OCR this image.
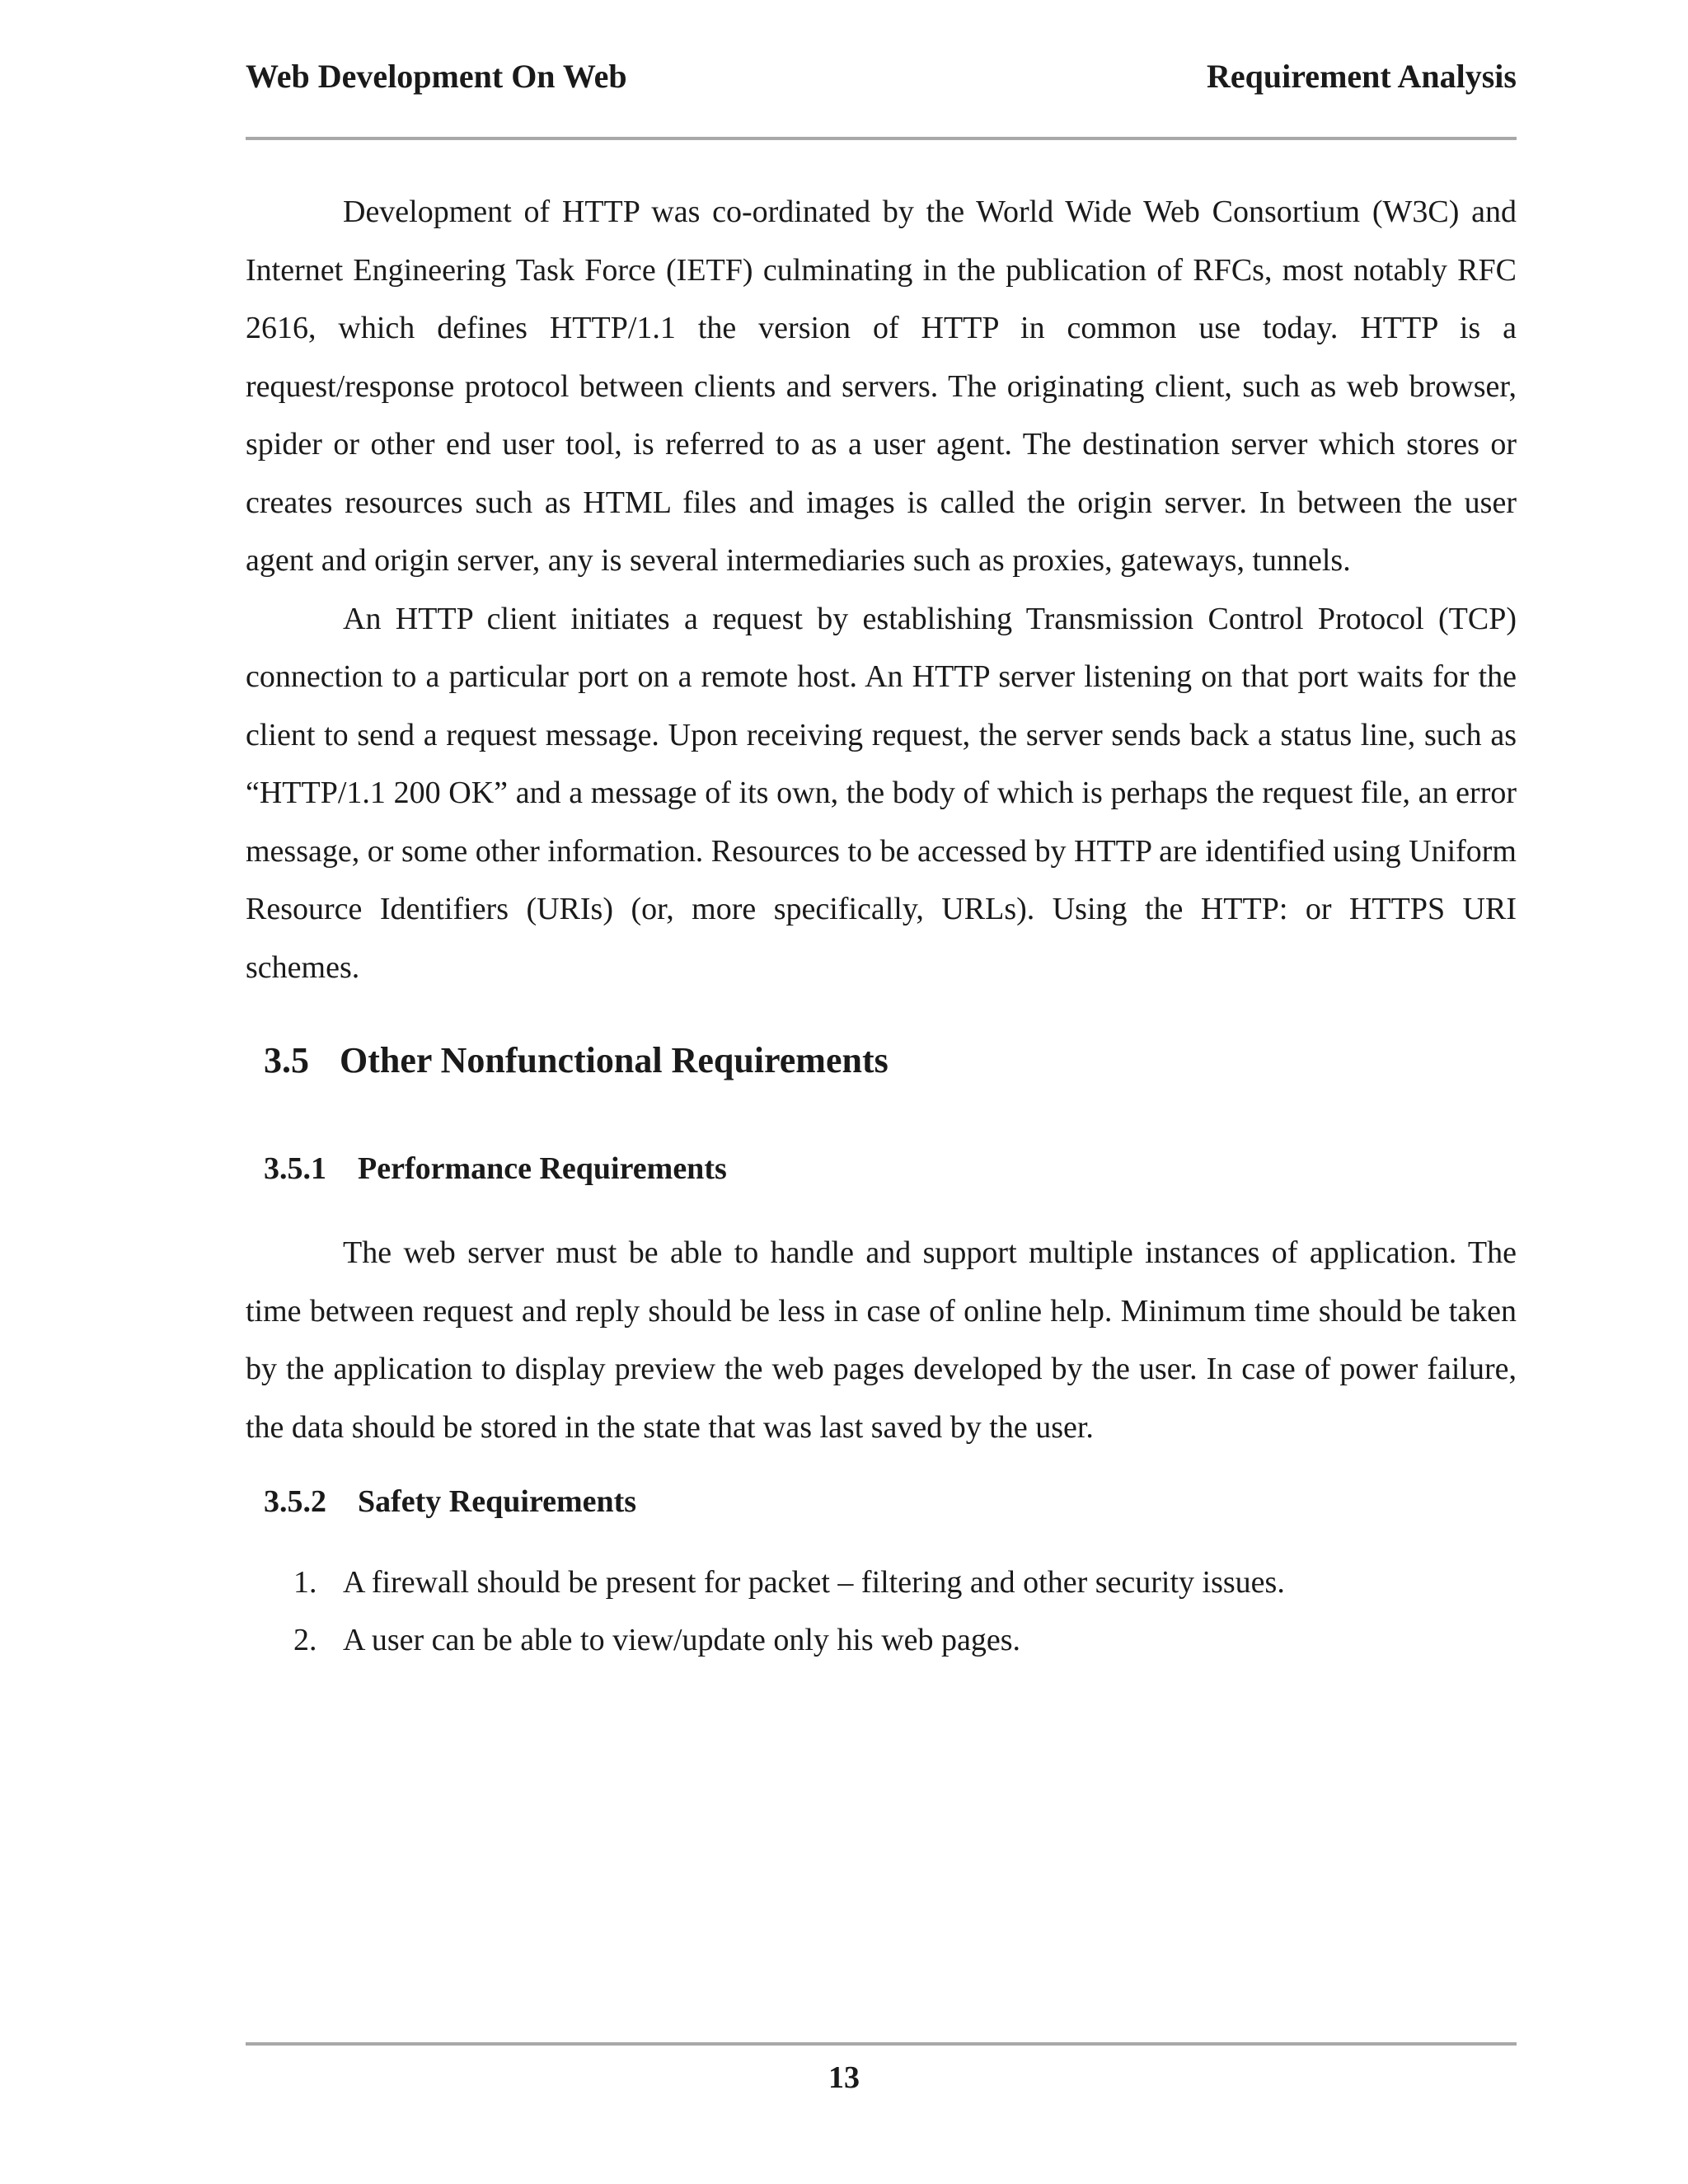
Web Development On Web	Requirement Analysis

Development of HTTP was co-ordinated by the World Wide Web Consortium (W3C) and Internet Engineering Task Force (IETF) culminating in the publication of RFCs, most notably RFC 2616, which defines HTTP/1.1 the version of HTTP in common use today. HTTP is a request/response protocol between clients and servers. The originating client, such as web browser, spider or other end user tool, is referred to as a user agent. The destination server which stores or creates resources such as HTML files and images is called the origin server. In between the user agent and origin server, any is several intermediaries such as proxies, gateways, tunnels.

An HTTP client initiates a request by establishing Transmission Control Protocol (TCP) connection to a particular port on a remote host. An HTTP server listening on that port waits for the client to send a request message. Upon receiving request, the server sends back a status line, such as “HTTP/1.1 200 OK” and a message of its own, the body of which is perhaps the request file, an error message, or some other information. Resources to be accessed by HTTP are identified using Uniform Resource Identifiers (URIs) (or, more specifically, URLs). Using the HTTP: or HTTPS URI schemes.

3.5 Other Nonfunctional Requirements
3.5.1 Performance Requirements

The web server must be able to handle and support multiple instances of application. The time between request and reply should be less in case of online help. Minimum time should be taken by the application to display preview the web pages developed by the user. In case of power failure, the data should be stored in the state that was last saved by the user.

3.5.2 Safety Requirements
1. A firewall should be present for packet – filtering and other security issues.
2. A user can be able to view/update only his web pages.
13
